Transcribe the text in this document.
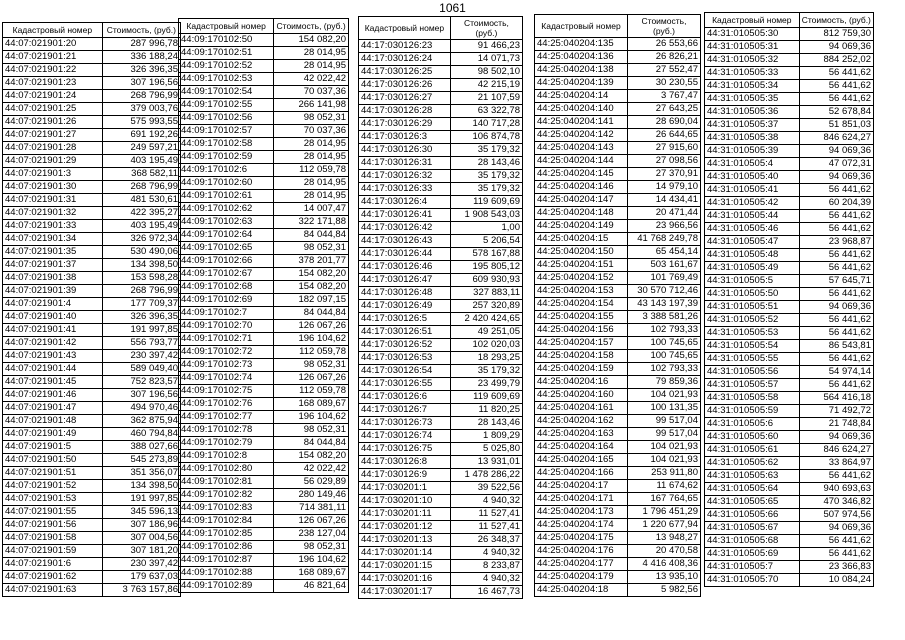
1061
Кадастровый номер	Стоимость, (руб.)
44:07:021901:20	287 996,78
44:07:021901:21	336 188,24
44:07:021901:22	326 396,35
44:07:021901:23	307 196,56
44:07:021901:24	268 796,99
44:07:021901:25	379 003,76
44:07:021901:26	575 993,55
44:07:021901:27	691 192,26
44:07:021901:28	249 597,21
44:07:021901:29	403 195,49
44:07:021901:3	368 582,11
44:07:021901:30	268 796,99
44:07:021901:31	481 530,61
44:07:021901:32	422 395,27
44:07:021901:33	403 195,49
44:07:021901:34	326 972,34
44:07:021901:35	530 490,06
44:07:021901:37	134 398,50
44:07:021901:38	153 598,28
44:07:021901:39	268 796,99
44:07:021901:4	177 709,37
44:07:021901:40	326 396,35
44:07:021901:41	191 997,85
44:07:021901:42	556 793,77
44:07:021901:43	230 397,42
44:07:021901:44	589 049,40
44:07:021901:45	752 823,57
44:07:021901:46	307 196,56
44:07:021901:47	494 970,46
44:07:021901:48	362 875,94
44:07:021901:49	460 794,84
44:07:021901:5	388 027,66
44:07:021901:50	545 273,89
44:07:021901:51	351 356,07
44:07:021901:52	134 398,50
44:07:021901:53	191 997,85
44:07:021901:55	345 596,13
44:07:021901:56	307 186,96
44:07:021901:58	307 004,56
44:07:021901:59	307 181,20
44:07:021901:6	230 397,42
44:07:021901:62	179 637,03
44:07:021901:63	3 763 157,86
Кадастровый номер	Стоимость, (руб.)
44:09:170102:50	154 082,20
44:09:170102:51	28 014,95
44:09:170102:52	28 014,95
44:09:170102:53	42 022,42
44:09:170102:54	70 037,36
44:09:170102:55	266 141,98
44:09:170102:56	98 052,31
44:09:170102:57	70 037,36
44:09:170102:58	28 014,95
44:09:170102:59	28 014,95
44:09:170102:6	112 059,78
44:09:170102:60	28 014,95
44:09:170102:61	28 014,95
44:09:170102:62	14 007,47
44:09:170102:63	322 171,88
44:09:170102:64	84 044,84
44:09:170102:65	98 052,31
44:09:170102:66	378 201,77
44:09:170102:67	154 082,20
44:09:170102:68	154 082,20
44:09:170102:69	182 097,15
44:09:170102:7	84 044,84
44:09:170102:70	126 067,26
44:09:170102:71	196 104,62
44:09:170102:72	112 059,78
44:09:170102:73	98 052,31
44:09:170102:74	126 067,26
44:09:170102:75	112 059,78
44:09:170102:76	168 089,67
44:09:170102:77	196 104,62
44:09:170102:78	98 052,31
44:09:170102:79	84 044,84
44:09:170102:8	154 082,20
44:09:170102:80	42 022,42
44:09:170102:81	56 029,89
44:09:170102:82	280 149,46
44:09:170102:83	714 381,11
44:09:170102:84	126 067,26
44:09:170102:85	238 127,04
44:09:170102:86	98 052,31
44:09:170102:87	196 104,62
44:09:170102:88	168 089,67
44:09:170102:89	46 821,64
Кадастровый номер	Стоимость, (руб.)
44:17:030126:23	91 466,23
44:17:030126:24	14 071,73
44:17:030126:25	98 502,10
44:17:030126:26	42 215,19
44:17:030126:27	21 107,59
44:17:030126:28	63 322,78
44:17:030126:29	140 717,28
44:17:030126:3	106 874,78
44:17:030126:30	35 179,32
44:17:030126:31	28 143,46
44:17:030126:32	35 179,32
44:17:030126:33	35 179,32
44:17:030126:4	119 609,69
44:17:030126:41	1 908 543,03
44:17:030126:42	1,00
44:17:030126:43	5 206,54
44:17:030126:44	578 167,88
44:17:030126:46	195 805,12
44:17:030126:47	609 930,93
44:17:030126:48	327 883,11
44:17:030126:49	257 320,89
44:17:030126:5	2 420 424,65
44:17:030126:51	49 251,05
44:17:030126:52	102 020,03
44:17:030126:53	18 293,25
44:17:030126:54	35 179,32
44:17:030126:55	23 499,79
44:17:030126:6	119 609,69
44:17:030126:7	11 820,25
44:17:030126:73	28 143,46
44:17:030126:74	1 809,29
44:17:030126:75	5 025,80
44:17:030126:8	13 931,01
44:17:030126:9	1 478 286,22
44:17:030201:1	39 522,56
44:17:030201:10	4 940,32
44:17:030201:11	11 527,41
44:17:030201:12	11 527,41
44:17:030201:13	26 348,37
44:17:030201:14	4 940,32
44:17:030201:15	8 233,87
44:17:030201:16	4 940,32
44:17:030201:17	16 467,73
Кадастровый номер	Стоимость, (руб.)
44:25:040204:135	26 553,66
44:25:040204:136	26 826,21
44:25:040204:138	27 552,47
44:25:040204:139	30 230,55
44:25:040204:14	3 767,47
44:25:040204:140	27 643,25
44:25:040204:141	28 690,04
44:25:040204:142	26 644,65
44:25:040204:143	27 915,60
44:25:040204:144	27 098,56
44:25:040204:145	27 370,91
44:25:040204:146	14 979,10
44:25:040204:147	14 434,41
44:25:040204:148	20 471,44
44:25:040204:149	23 966,56
44:25:040204:15	41 768 249,78
44:25:040204:150	65 454,14
44:25:040204:151	503 161,67
44:25:040204:152	101 769,49
44:25:040204:153	30 570 712,46
44:25:040204:154	43 143 197,39
44:25:040204:155	3 388 581,26
44:25:040204:156	102 793,33
44:25:040204:157	100 745,65
44:25:040204:158	100 745,65
44:25:040204:159	102 793,33
44:25:040204:16	79 859,36
44:25:040204:160	104 021,93
44:25:040204:161	100 131,35
44:25:040204:162	99 517,04
44:25:040204:163	99 517,04
44:25:040204:164	104 021,93
44:25:040204:165	104 021,93
44:25:040204:166	253 911,80
44:25:040204:17	11 674,62
44:25:040204:171	167 764,65
44:25:040204:173	1 796 451,29
44:25:040204:174	1 220 677,94
44:25:040204:175	13 948,27
44:25:040204:176	20 470,58
44:25:040204:177	4 416 408,36
44:25:040204:179	13 935,10
44:25:040204:18	5 982,56
Кадастровый номер	Стоимость, (руб.)
44:31:010505:30	812 759,30
44:31:010505:31	94 069,36
44:31:010505:32	884 252,02
44:31:010505:33	56 441,62
44:31:010505:34	56 441,62
44:31:010505:35	56 441,62
44:31:010505:36	52 678,84
44:31:010505:37	51 851,03
44:31:010505:38	846 624,27
44:31:010505:39	94 069,36
44:31:010505:4	47 072,31
44:31:010505:40	94 069,36
44:31:010505:41	56 441,62
44:31:010505:42	60 204,39
44:31:010505:44	56 441,62
44:31:010505:46	56 441,62
44:31:010505:47	23 968,87
44:31:010505:48	56 441,62
44:31:010505:49	56 441,62
44:31:010505:5	57 645,71
44:31:010505:50	56 441,62
44:31:010505:51	94 069,36
44:31:010505:52	56 441,62
44:31:010505:53	56 441,62
44:31:010505:54	86 543,81
44:31:010505:55	56 441,62
44:31:010505:56	54 974,14
44:31:010505:57	56 441,62
44:31:010505:58	564 416,18
44:31:010505:59	71 492,72
44:31:010505:6	21 748,84
44:31:010505:60	94 069,36
44:31:010505:61	846 624,27
44:31:010505:62	33 864,97
44:31:010505:63	56 441,62
44:31:010505:64	940 693,63
44:31:010505:65	470 346,82
44:31:010505:66	507 974,56
44:31:010505:67	94 069,36
44:31:010505:68	56 441,62
44:31:010505:69	56 441,62
44:31:010505:7	23 366,83
44:31:010505:70	10 084,24
